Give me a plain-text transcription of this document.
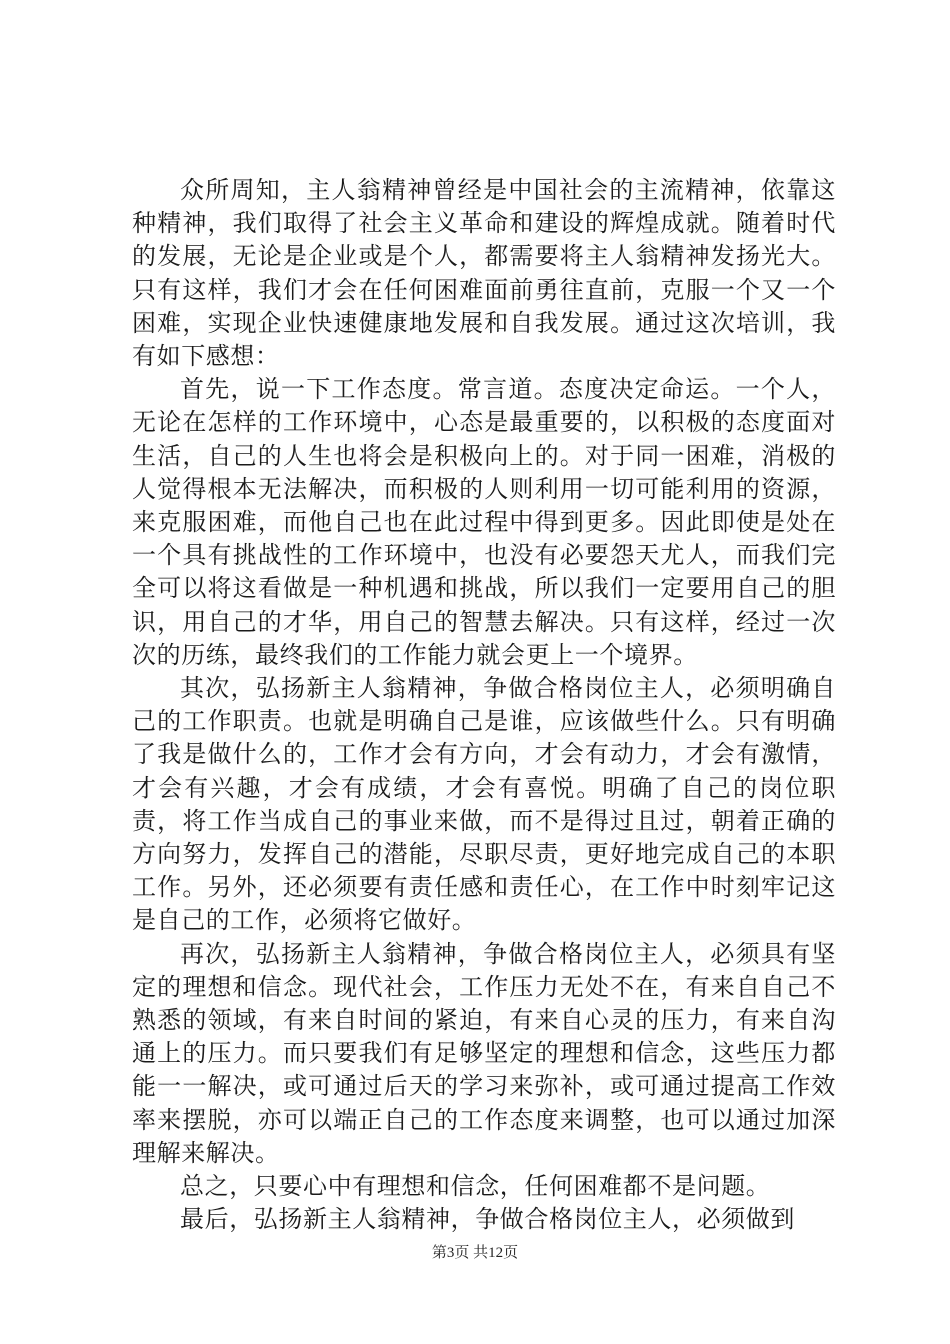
众所周知，主人翁精神曾经是中国社会的主流精神，依靠这种精神，我们取得了社会主义革命和建设的辉煌成就。随着时代的发展，无论是企业或是个人，都需要将主人翁精神发扬光大。只有这样，我们才会在任何困难面前勇往直前，克服一个又一个困难，实现企业快速健康地发展和自我发展。通过这次培训，我有如下感想：

首先，说一下工作态度。常言道。态度决定命运。一个人，无论在怎样的工作环境中，心态是最重要的，以积极的态度面对生活，自己的人生也将会是积极向上的。对于同一困难，消极的人觉得根本无法解决，而积极的人则利用一切可能利用的资源，来克服困难，而他自己也在此过程中得到更多。因此即使是处在一个具有挑战性的工作环境中，也没有必要怨天尤人，而我们完全可以将这看做是一种机遇和挑战，所以我们一定要用自己的胆识，用自己的才华，用自己的智慧去解决。只有这样，经过一次次的历练，最终我们的工作能力就会更上一个境界。

其次，弘扬新主人翁精神，争做合格岗位主人，必须明确自己的工作职责。也就是明确自己是谁，应该做些什么。只有明确了我是做什么的，工作才会有方向，才会有动力，才会有激情，才会有兴趣，才会有成绩，才会有喜悦。明确了自己的岗位职责，将工作当成自己的事业来做，而不是得过且过，朝着正确的方向努力，发挥自己的潜能，尽职尽责，更好地完成自己的本职工作。另外，还必须要有责任感和责任心，在工作中时刻牢记这是自己的工作，必须将它做好。

再次，弘扬新主人翁精神，争做合格岗位主人，必须具有坚定的理想和信念。现代社会，工作压力无处不在，有来自自己不熟悉的领域，有来自时间的紧迫，有来自心灵的压力，有来自沟通上的压力。而只要我们有足够坚定的理想和信念，这些压力都能一一解决，或可通过后天的学习来弥补，或可通过提高工作效率来摆脱，亦可以端正自己的工作态度来调整，也可以通过加深理解来解决。

总之，只要心中有理想和信念，任何困难都不是问题。

最后，弘扬新主人翁精神，争做合格岗位主人，必须做到

第3页 共12页
